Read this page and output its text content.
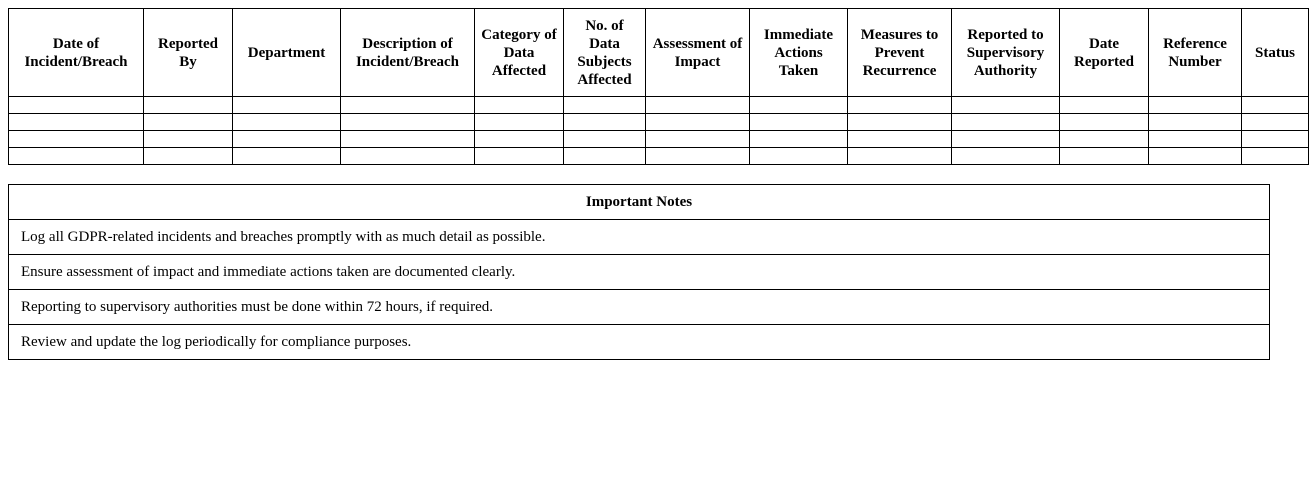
Date of Incident/Breach	Reported By	Department	Description of Incident/Breach	Category of Data Affected	No. of Data Subjects Affected	Assessment of Impact	Immediate Actions Taken	Measures to Prevent Recurrence	Reported to Supervisory Authority	Date Reported	Reference Number	Status

Important Notes
Log all GDPR-related incidents and breaches promptly with as much detail as possible.
Ensure assessment of impact and immediate actions taken are documented clearly.
Reporting to supervisory authorities must be done within 72 hours, if required.
Review and update the log periodically for compliance purposes.
